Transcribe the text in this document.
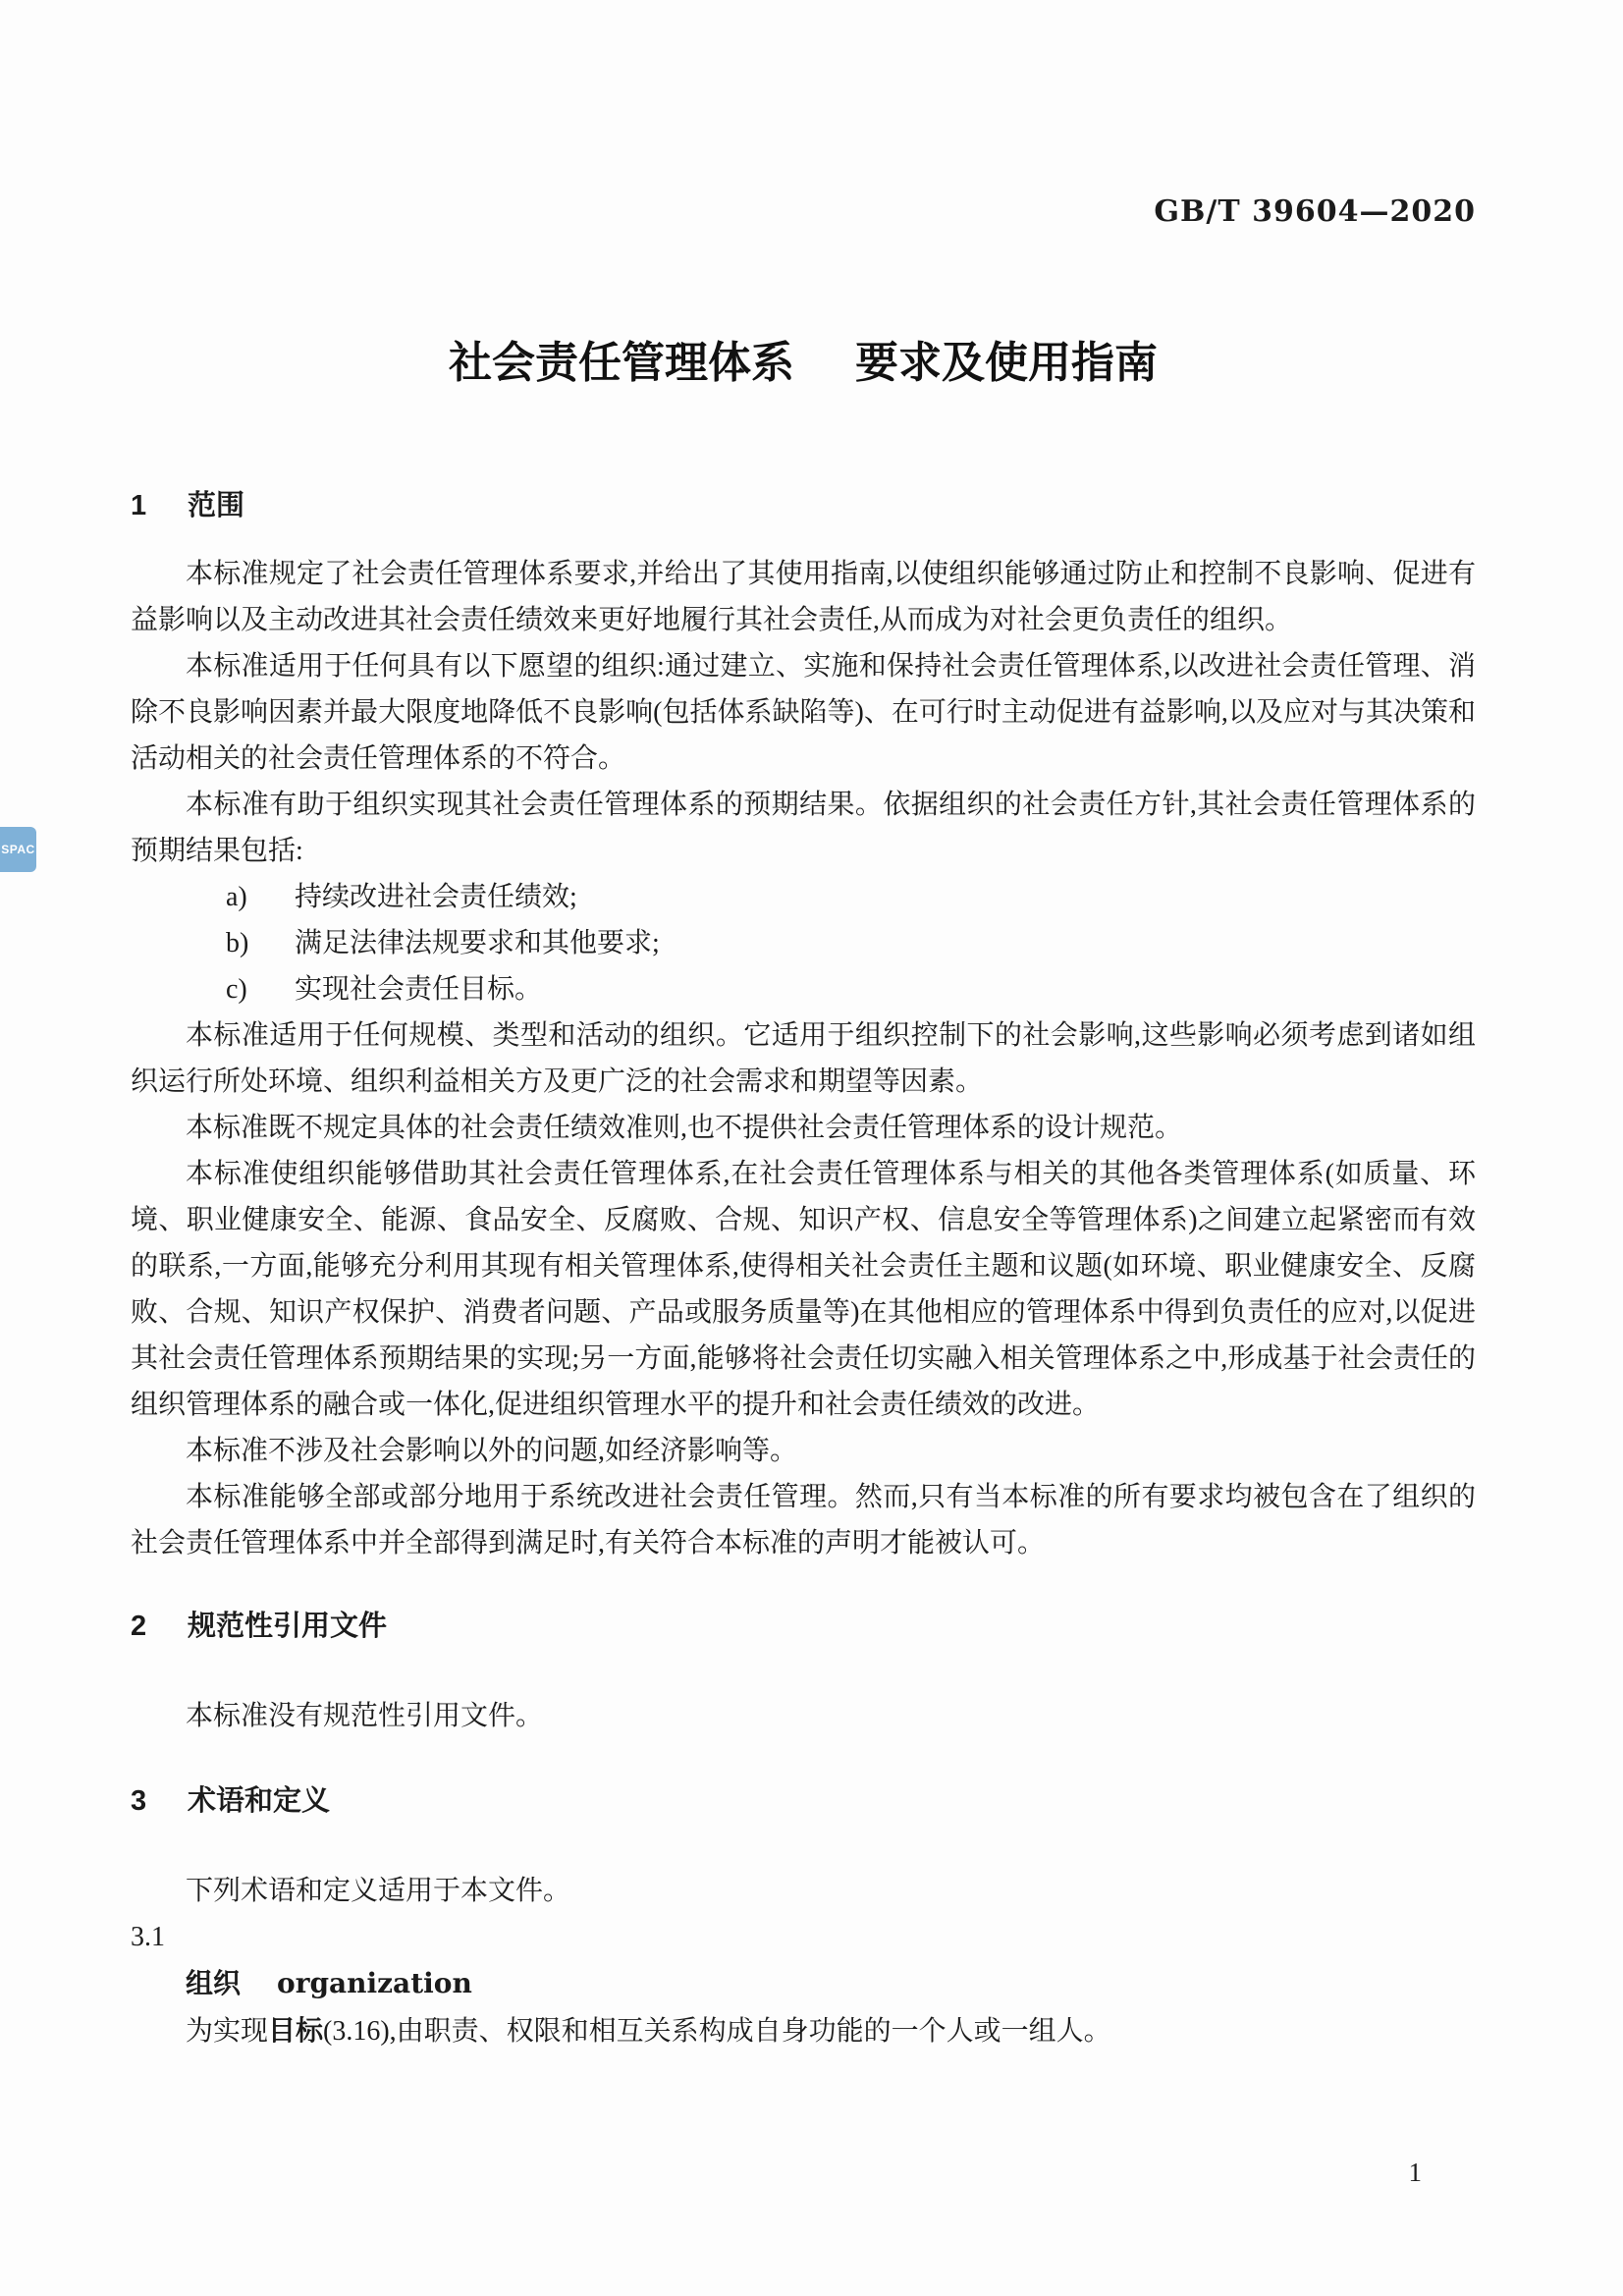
SPAC
GB/T 39604—2020
社会责任管理体系 要求及使用指南
1	范围

本标准规定了社会责任管理体系要求,并给出了其使用指南,以使组织能够通过防止和控制不良影响、促进有益影响以及主动改进其社会责任绩效来更好地履行其社会责任,从而成为对社会更负责任的组织。

本标准适用于任何具有以下愿望的组织:通过建立、实施和保持社会责任管理体系,以改进社会责任管理、消除不良影响因素并最大限度地降低不良影响(包括体系缺陷等)、在可行时主动促进有益影响,以及应对与其决策和活动相关的社会责任管理体系的不符合。

本标准有助于组织实现其社会责任管理体系的预期结果。依据组织的社会责任方针,其社会责任管理体系的预期结果包括:

a)	持续改进社会责任绩效;
b)	满足法律法规要求和其他要求;
c)	实现社会责任目标。

本标准适用于任何规模、类型和活动的组织。它适用于组织控制下的社会影响,这些影响必须考虑到诸如组织运行所处环境、组织利益相关方及更广泛的社会需求和期望等因素。

本标准既不规定具体的社会责任绩效准则,也不提供社会责任管理体系的设计规范。

本标准使组织能够借助其社会责任管理体系,在社会责任管理体系与相关的其他各类管理体系(如质量、环境、职业健康安全、能源、食品安全、反腐败、合规、知识产权、信息安全等管理体系)之间建立起紧密而有效的联系,一方面,能够充分利用其现有相关管理体系,使得相关社会责任主题和议题(如环境、职业健康安全、反腐败、合规、知识产权保护、消费者问题、产品或服务质量等)在其他相应的管理体系中得到负责任的应对,以促进其社会责任管理体系预期结果的实现;另一方面,能够将社会责任切实融入相关管理体系之中,形成基于社会责任的组织管理体系的融合或一体化,促进组织管理水平的提升和社会责任绩效的改进。

本标准不涉及社会影响以外的问题,如经济影响等。

本标准能够全部或部分地用于系统改进社会责任管理。然而,只有当本标准的所有要求均被包含在了组织的社会责任管理体系中并全部得到满足时,有关符合本标准的声明才能被认可。

2	规范性引用文件

本标准没有规范性引用文件。

3	术语和定义

下列术语和定义适用于本文件。

3.1
组织 organization

为实现目标(3.16),由职责、权限和相互关系构成自身功能的一个人或一组人。

1
